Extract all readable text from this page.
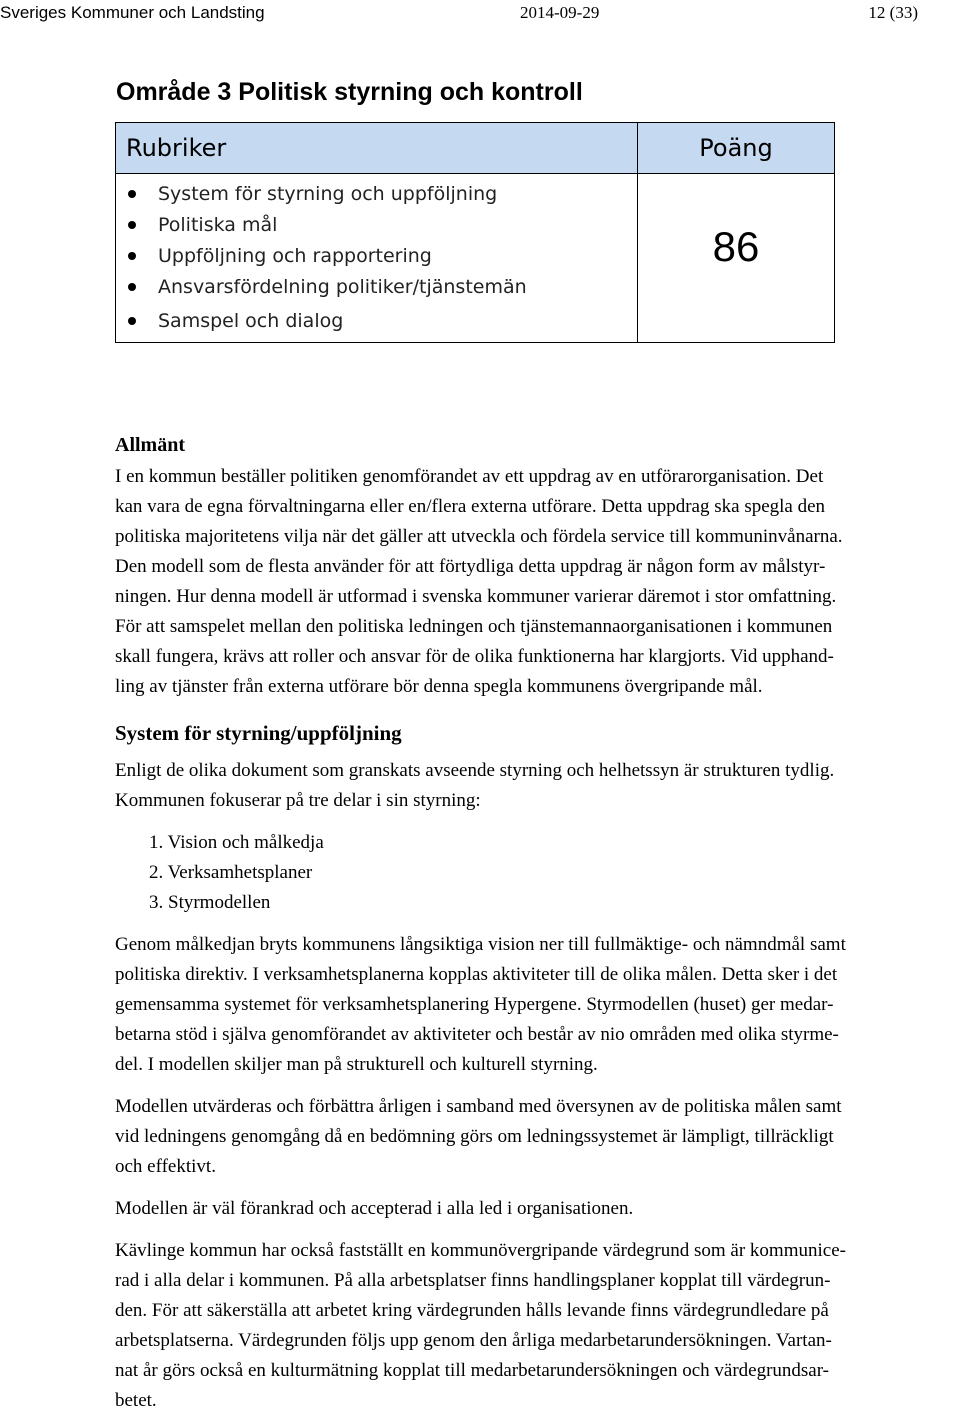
Sveriges Kommuner och Landsting	2014-09-29	12 (33)
Område 3 Politisk styrning och kontroll
Rubriker
System för styrning och uppföljning
Politiska mål
Uppföljning och rapportering
Ansvarsfördelning politiker/tjänstemän
Samspel och dialog
Poäng
86
Allmänt

I en kommun beställer politiken genomförandet av ett uppdrag av en utförarorganisation. Det

kan vara de egna förvaltningarna eller en/flera externa utförare. Detta uppdrag ska spegla den

politiska majoritetens vilja när det gäller att utveckla och fördela service till kommuninvånarna.

Den modell som de flesta använder för att förtydliga detta uppdrag är någon form av målstyr-

ningen. Hur denna modell är utformad i svenska kommuner varierar däremot i stor omfattning.

För att samspelet mellan den politiska ledningen och tjänstemannaorganisationen i kommunen

skall fungera, krävs att roller och ansvar för de olika funktionerna har klargjorts. Vid upphand-

ling av tjänster från externa utförare bör denna spegla kommunens övergripande mål.

System för styrning/uppföljning

Enligt de olika dokument som granskats avseende styrning och helhetssyn är strukturen tydlig.

Kommunen fokuserar på tre delar i sin styrning:

1. Vision och målkedja
2. Verksamhetsplaner
3. Styrmodellen

Genom målkedjan bryts kommunens långsiktiga vision ner till fullmäktige- och nämndmål samt

politiska direktiv. I verksamhetsplanerna kopplas aktiviteter till de olika målen. Detta sker i det

gemensamma systemet för verksamhetsplanering Hypergene. Styrmodellen (huset) ger medar-

betarna stöd i själva genomförandet av aktiviteter och består av nio områden med olika styrme-

del. I modellen skiljer man på strukturell och kulturell styrning.

Modellen utvärderas och förbättra årligen i samband med översynen av de politiska målen samt

vid ledningens genomgång då en bedömning görs om ledningssystemet är lämpligt, tillräckligt

och effektivt.

Modellen är väl förankrad och accepterad i alla led i organisationen.

Kävlinge kommun har också fastställt en kommunövergripande värdegrund som är kommunice-

rad i alla delar i kommunen. På alla arbetsplatser finns handlingsplaner kopplat till värdegrun-

den. För att säkerställa att arbetet kring värdegrunden hålls levande finns värdegrundledare på

arbetsplatserna. Värdegrunden följs upp genom den årliga medarbetarundersökningen. Vartan-

nat år görs också en kulturmätning kopplat till medarbetarundersökningen och värdegrundsar-

betet.
